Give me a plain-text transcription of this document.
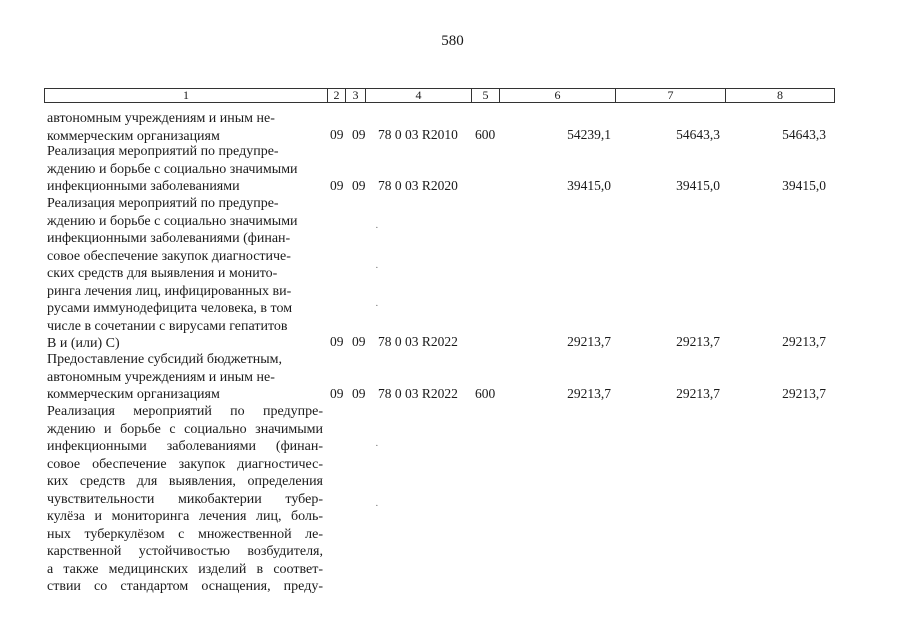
580
1	2	3	4	5	6	7	8
автономным учреждениям и иным не-
коммерческим организациям	09 09 78 0 03 R2010 600	54239,1	54643,3	54643,3
Реализация мероприятий по предупре-
ждению и борьбе с социально значимыми
инфекционными заболеваниями	09 09 78 0 03 R2020	39415,0	39415,0	39415,0
Реализация мероприятий по предупре-
ждению и борьбе с социально значимыми
инфекционными заболеваниями (финан-
совое обеспечение закупок диагностиче-
ских средств для выявления и монито-
ринга лечения лиц, инфицированных ви-
русами иммунодефицита человека, в том
числе в сочетании с вирусами гепатитов
В и (или) С)	09 09 78 0 03 R2022	29213,7	29213,7	29213,7
Предоставление субсидий бюджетным,
автономным учреждениям и иным не-
коммерческим организациям	09 09 78 0 03 R2022 600	29213,7	29213,7	29213,7
Реализация мероприятий по предупре-
ждению и борьбе с социально значимыми
инфекционными заболеваниями (финан-
совое обеспечение закупок диагностичес-
ких средств для выявления, определения
чувствительности микобактерии тубер-
кулёза и мониторинга лечения лиц, боль-
ных туберкулёзом с множественной ле-
карственной устойчивостью возбудителя,
а также медицинских изделий в соответ-
ствии со стандартом оснащения, преду-
·
·
·
·
·
